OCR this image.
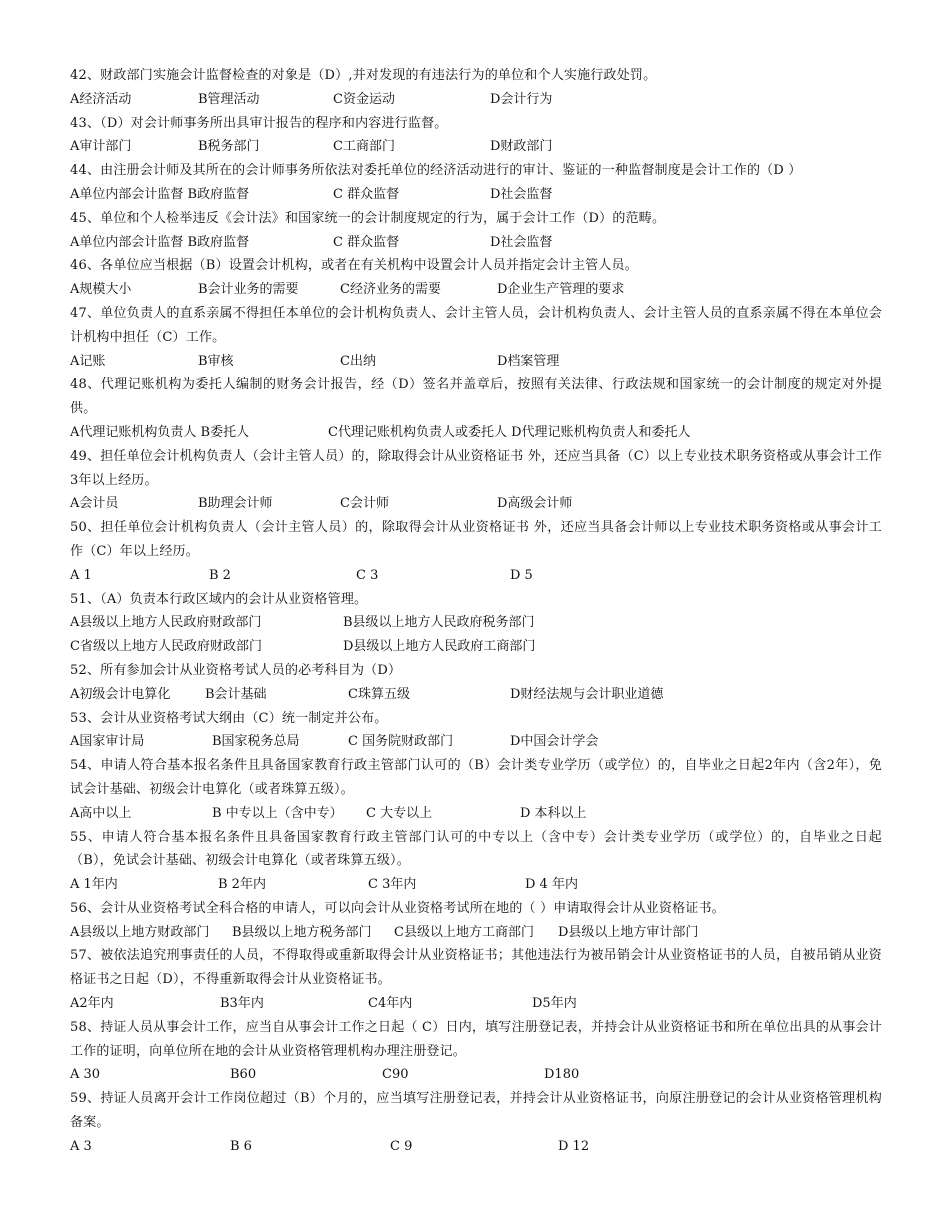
42、财政部门实施会计监督检查的对象是（D）,并对发现的有违法行为的单位和个人实施行政处罚。
A经济活动	B管理活动	C资金运动	D会计行为
43、（D）对会计师事务所出具审计报告的程序和内容进行监督。
A审计部门	B税务部门	C工商部门	D财政部门
44、由注册会计师及其所在的会计师事务所依法对委托单位的经济活动进行的审计、鉴证的一种监督制度是会计工作的（D ）
A单位内部会计监督 B政府监督	C 群众监督	D社会监督
45、单位和个人检举违反《会计法》和国家统一的会计制度规定的行为，属于会计工作（D）的范畴。
A单位内部会计监督 B政府监督	C 群众监督	D社会监督
46、各单位应当根据（B）设置会计机构，或者在有关机构中设置会计人员并指定会计主管人员。
A规模大小	B会计业务的需要	C经济业务的需要	D企业生产管理的要求
47、单位负责人的直系亲属不得担任本单位的会计机构负责人、会计主管人员，会计机构负责人、会计主管人员的直系亲属不得在本单位会计机构中担任（C）工作。
A记账	B审核	C出纳	D档案管理
48、代理记账机构为委托人编制的财务会计报告，经（D）签名并盖章后，按照有关法律、行政法规和国家统一的会计制度的规定对外提供。
A代理记账机构负责人 B委托人	C代理记账机构负责人或委托人 D代理记账机构负责人和委托人
49、担任单位会计机构负责人（会计主管人员）的，除取得会计从业资格证书 外，还应当具备（C）以上专业技术职务资格或从事会计工作3年以上经历。
A会计员	B助理会计师	C会计师	D高级会计师
50、担任单位会计机构负责人（会计主管人员）的，除取得会计从业资格证书 外，还应当具备会计师以上专业技术职务资格或从事会计工作（C）年以上经历。
A 1	B 2	C 3	D 5
51、（A）负责本行政区域内的会计从业资格管理。
A县级以上地方人民政府财政部门	B县级以上地方人民政府税务部门
C省级以上地方人民政府财政部门	D县级以上地方人民政府工商部门
52、所有参加会计从业资格考试人员的必考科目为（D）
A初级会计电算化	B会计基础	C珠算五级	D财经法规与会计职业道德
53、会计从业资格考试大纲由（C）统一制定并公布。
A国家审计局	B国家税务总局	C 国务院财政部门	D中国会计学会
54、申请人符合基本报名条件且具备国家教育行政主管部门认可的（B）会计类专业学历（或学位）的，自毕业之日起2年内（含2年），免试会计基础、初级会计电算化（或者珠算五级）。
A高中以上	B 中专以上（含中专） C 大专以上	D 本科以上
55、申请人符合基本报名条件且具备国家教育行政主管部门认可的中专以上（含中专）会计类专业学历（或学位）的，自毕业之日起（B），免试会计基础、初级会计电算化（或者珠算五级）。
A 1年内	B 2年内	C 3年内	D 4 年内
56、会计从业资格考试全科合格的申请人，可以向会计从业资格考试所在地的（ ）申请取得会计从业资格证书。
A县级以上地方财政部门 B县级以上地方税务部门 C县级以上地方工商部门 D县级以上地方审计部门
57、被依法追究刑事责任的人员，不得取得或重新取得会计从业资格证书；其他违法行为被吊销会计从业资格证书的人员，自被吊销从业资格证书之日起（D），不得重新取得会计从业资格证书。
A2年内	B3年内	C4年内	D5年内
58、持证人员从事会计工作，应当自从事会计工作之日起（ C）日内，填写注册登记表，并持会计从业资格证书和所在单位出具的从事会计工作的证明，向单位所在地的会计从业资格管理机构办理注册登记。
A 30	B60	C90	D180
59、持证人员离开会计工作岗位超过（B）个月的，应当填写注册登记表，并持会计从业资格证书，向原注册登记的会计从业资格管理机构备案。
A 3	B 6	C 9	D 12
